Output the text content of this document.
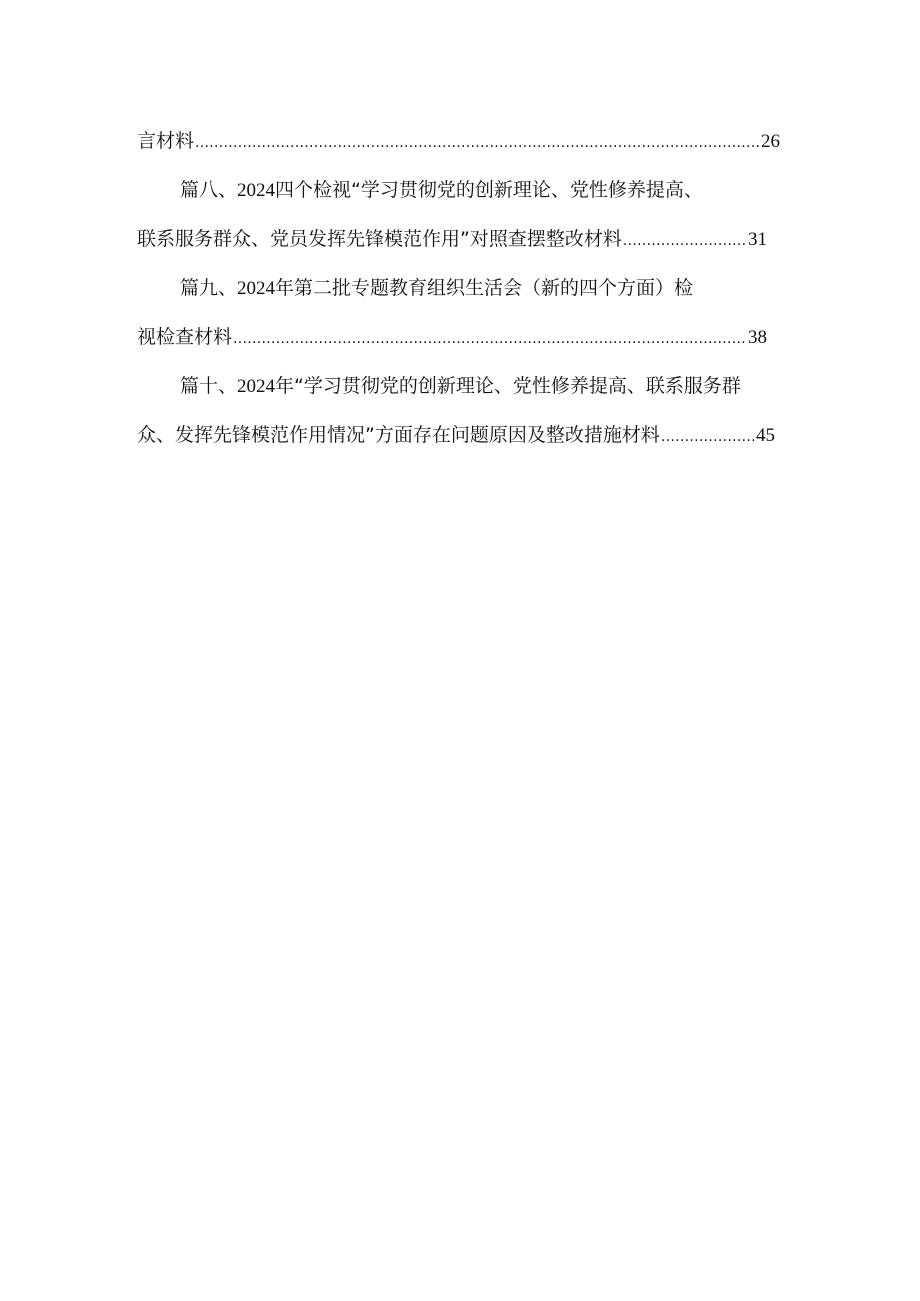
言材料 .....	26
篇八、2024四个检视“学习贯彻党的创新理论、党性修养提高、
联系服务群众、党员发挥先锋模范作用”对照查摆整改材料 .....	31
篇九、2024年第二批专题教育组织生活会（新的四个方面）检
视检查材料 .....	38
篇十、2024年“学习贯彻党的创新理论、党性修养提高、联系服务群
众、发挥先锋模范作用情况”方面存在问题原因及整改措施材料 .....	45
